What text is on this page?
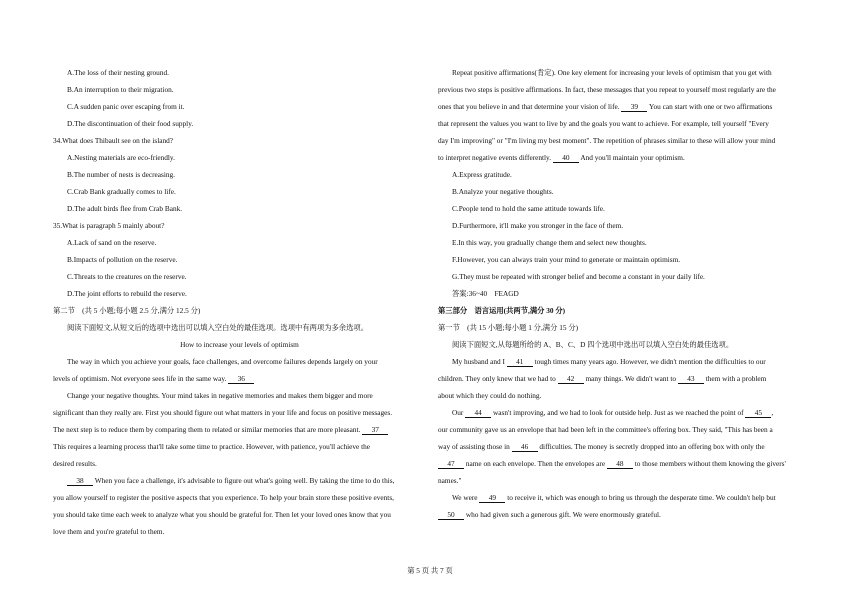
A.The loss of their nesting ground.
B.An interruption to their migration.
C.A sudden panic over escaping from it.
D.The discontinuation of their food supply.
34.What does Thibault see on the island?
A.Nesting materials are eco-friendly.
B.The number of nests is decreasing.
C.Crab Bank gradually comes to life.
D.The adult birds flee from Crab Bank.
35.What is paragraph 5 mainly about?
A.Lack of sand on the reserve.
B.Impacts of pollution on the reserve.
C.Threats to the creatures on the reserve.
D.The joint efforts to rebuild the reserve.
第二节　(共 5 小题;每小题 2.5 分,满分 12.5 分)
阅读下面短文,从短文后的选项中选出可以填入空白处的最佳选项。选项中有两项为多余选项。
How to increase your levels of optimism
The way in which you achieve your goals, face challenges, and overcome failures depends largely on your
levels of optimism. Not everyone sees life in the same way. 36
Change your negative thoughts. Your mind takes in negative memories and makes them bigger and more
significant than they really are. First you should figure out what matters in your life and focus on positive messages.
The next step is to reduce them by comparing them to related or similar memories that are more pleasant. 37
This requires a learning process that'll take some time to practice. However, with patience, you'll achieve the
desired results.
38 When you face a challenge, it's advisable to figure out what's going well. By taking the time to do this,
you allow yourself to register the positive aspects that you experience. To help your brain store these positive events,
you should take time each week to analyze what you should be grateful for. Then let your loved ones know that you
love them and you're grateful to them.
Repeat positive affirmations(肯定). One key element for increasing your levels of optimism that you get with
previous two steps is positive affirmations. In fact, these messages that you repeat to yourself most regularly are the
ones that you believe in and that determine your vision of life. 39 You can start with one or two affirmations
that represent the values you want to live by and the goals you want to achieve. For example, tell yourself "Every
day I'm improving" or "I'm living my best moment". The repetition of phrases similar to these will allow your mind
to interpret negative events differently. 40 And you'll maintain your optimism.
A.Express gratitude.
B.Analyze your negative thoughts.
C.People tend to hold the same attitude towards life.
D.Furthermore, it'll make you stronger in the face of them.
E.In this way, you gradually change them and select new thoughts.
F.However, you can always train your mind to generate or maintain optimism.
G.They must be repeated with stronger belief and become a constant in your daily life.
答案:36~40　FEAGD
第三部分　语言运用(共两节,满分 30 分)
第一节　(共 15 小题;每小题 1 分,满分 15 分)
阅读下面短文,从每题所给的 A、B、C、D 四个选项中选出可以填入空白处的最佳选项。
My husband and I 41 tough times many years ago. However, we didn't mention the difficulties to our
children. They only knew that we had to 42 many things. We didn't want to 43 them with a problem
about which they could do nothing.
Our 44 wasn't improving, and we had to look for outside help. Just as we reached the point of 45 ,
our community gave us an envelope that had been left in the committee's offering box. They said, "This has been a
way of assisting those in 46 difficulties. The money is secretly dropped into an offering box with only the
47 name on each envelope. Then the envelopes are 48 to those members without them knowing the givers'
names."
We were 49 to receive it, which was enough to bring us through the desperate time. We couldn't help but
50 who had given such a generous gift. We were enormously grateful.
第 5 页 共 7 页
